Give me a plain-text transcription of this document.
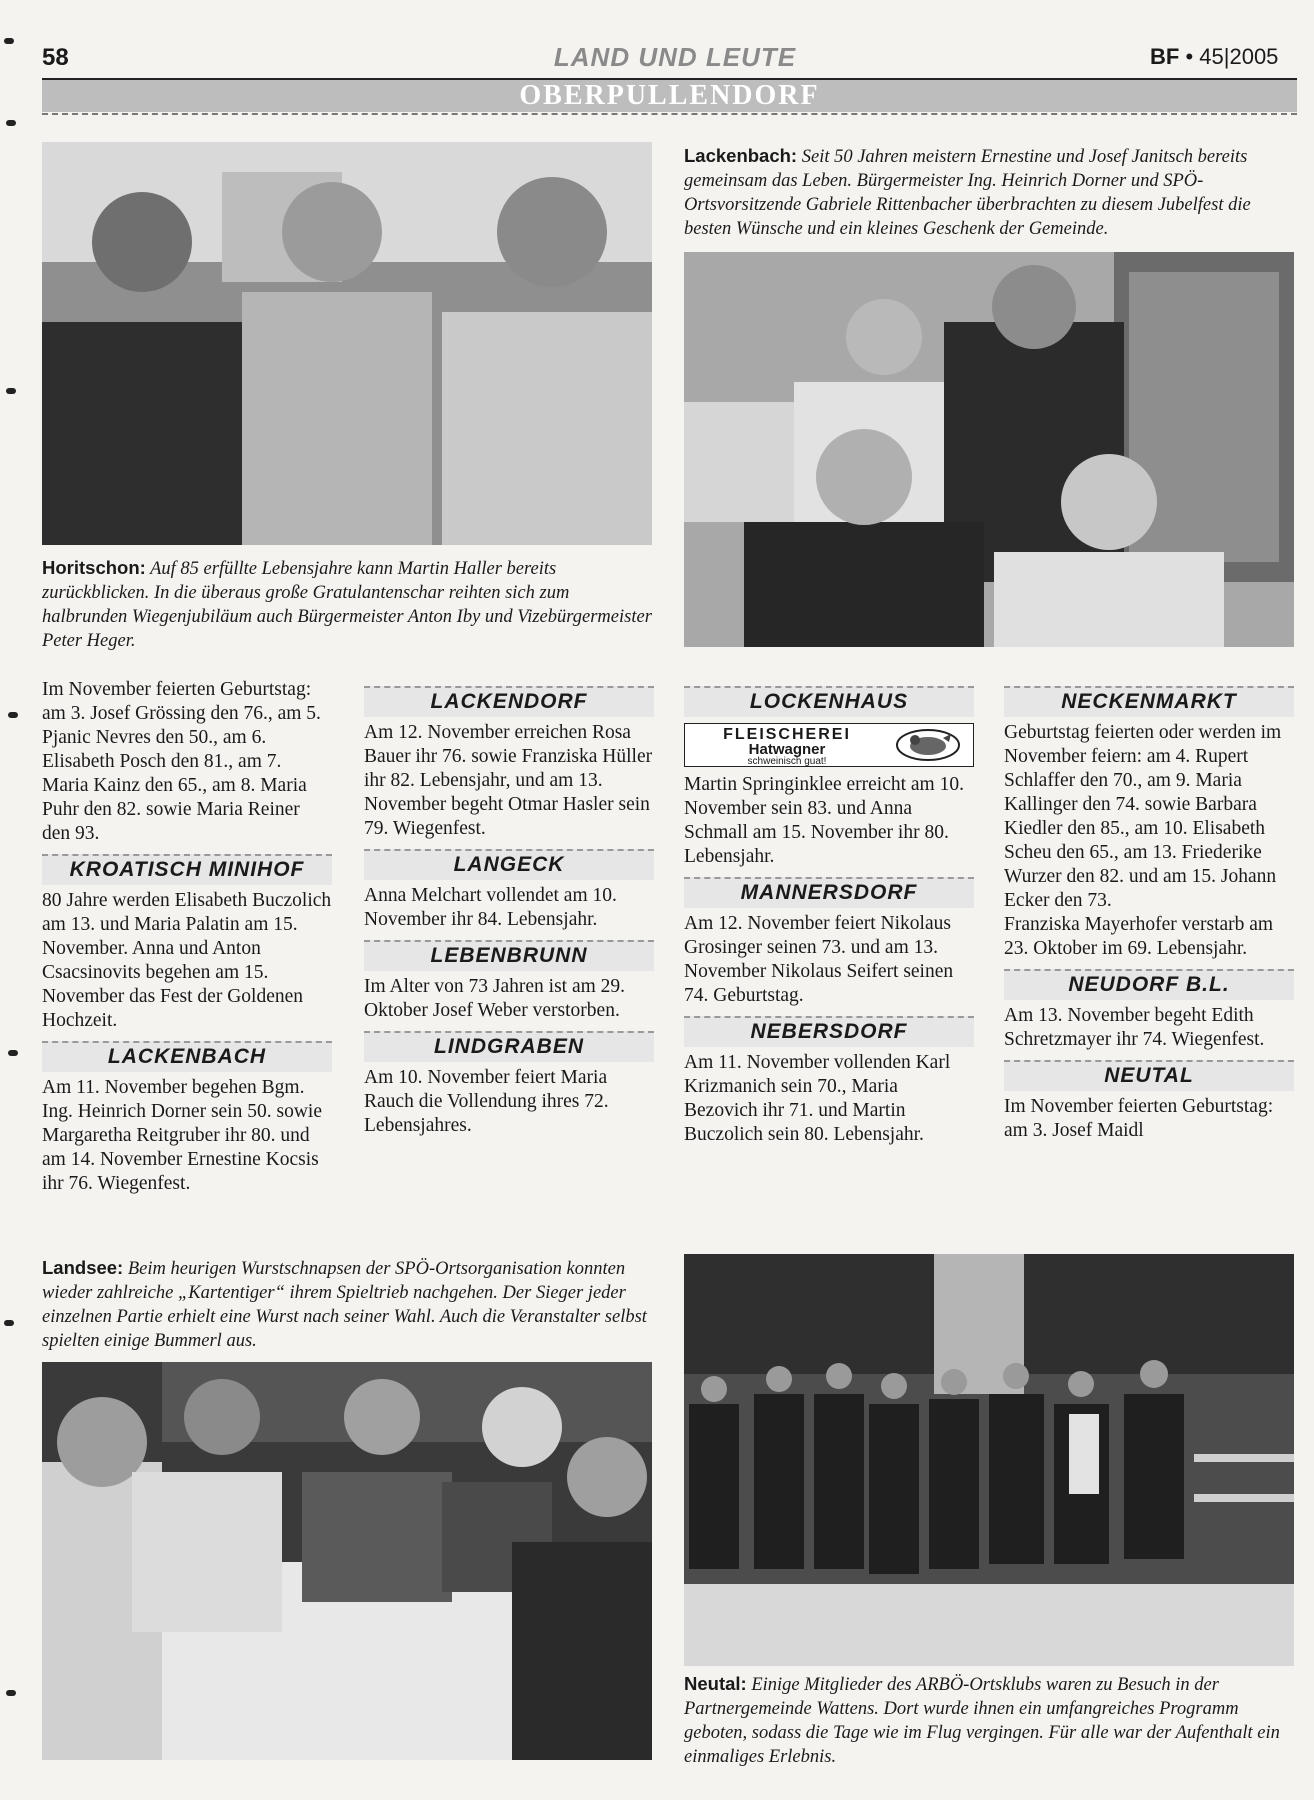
58	LAND UND LEUTE	BF • 45|2005
OBERPULLENDORF
Horitschon: Auf 85 erfüllte Lebensjahre kann Martin Haller bereits zurückblicken. In die überaus große Gratulantenschar reihten sich zum halbrunden Wiegenjubiläum auch Bürgermeister Anton Iby und Vizebürgermeister Peter Heger.
Lackenbach: Seit 50 Jahren meistern Ernestine und Josef Janitsch bereits gemeinsam das Leben. Bürgermeister Ing. Heinrich Dorner und SPÖ-Ortsvorsitzende Gabriele Rittenbacher überbrachten zu diesem Jubelfest die besten Wünsche und ein kleines Geschenk der Gemeinde.

Im November feierten Geburtstag: am 3. Josef Grössing den 76., am 5. Pjanic Nevres den 50., am 6. Elisabeth Posch den 81., am 7. Maria Kainz den 65., am 8. Maria Puhr den 82. sowie Maria Reiner den 93.

KROATISCH MINIHOF

80 Jahre werden Elisabeth Buczolich am 13. und Maria Palatin am 15. November. Anna und Anton Csacsinovits begehen am 15. November das Fest der Goldenen Hochzeit.

LACKENBACH

Am 11. November begehen Bgm. Ing. Heinrich Dorner sein 50. sowie Margaretha Reitgruber ihr 80. und am 14. November Ernestine Kocsis ihr 76. Wiegenfest.

LACKENDORF

Am 12. November erreichen Rosa Bauer ihr 76. sowie Franziska Hüller ihr 82. Lebensjahr, und am 13. November begeht Otmar Hasler sein 79. Wiegenfest.

LANGECK

Anna Melchart vollendet am 10. November ihr 84. Lebensjahr.

LEBENBRUNN

Im Alter von 73 Jahren ist am 29. Oktober Josef Weber verstorben.

LINDGRABEN

Am 10. November feiert Maria Rauch die Vollendung ihres 72. Lebensjahres.

LOCKENHAUS
FLEISCHEREI
Hatwagner
schweinisch guat!

Martin Springinklee erreicht am 10. November sein 83. und Anna Schmall am 15. November ihr 80. Lebensjahr.

MANNERSDORF

Am 12. November feiert Nikolaus Grosinger seinen 73. und am 13. November Nikolaus Seifert seinen 74. Geburtstag.

NEBERSDORF

Am 11. November vollenden Karl Krizmanich sein 70., Maria Bezovich ihr 71. und Martin Buczolich sein 80. Lebensjahr.

NECKENMARKT

Geburtstag feierten oder werden im November feiern: am 4. Rupert Schlaffer den 70., am 9. Maria Kallinger den 74. sowie Barbara Kiedler den 85., am 10. Elisabeth Scheu den 65., am 13. Friederike Wurzer den 82. und am 15. Johann Ecker den 73.

Franziska Mayerhofer verstarb am 23. Oktober im 69. Lebensjahr.

NEUDORF B.L.

Am 13. November begeht Edith Schretzmayer ihr 74. Wiegenfest.

NEUTAL

Im November feierten Geburtstag: am 3. Josef Maidl

Landsee: Beim heurigen Wurstschnapsen der SPÖ-Ortsorganisation konnten wieder zahlreiche „Kartentiger“ ihrem Spieltrieb nachgehen. Der Sieger jeder einzelnen Partie erhielt eine Wurst nach seiner Wahl. Auch die Veranstalter selbst spielten einige Bummerl aus.
Neutal: Einige Mitglieder des ARBÖ-Ortsklubs waren zu Besuch in der Partnergemeinde Wattens. Dort wurde ihnen ein umfangreiches Programm geboten, sodass die Tage wie im Flug vergingen. Für alle war der Aufenthalt ein einmaliges Erlebnis.
